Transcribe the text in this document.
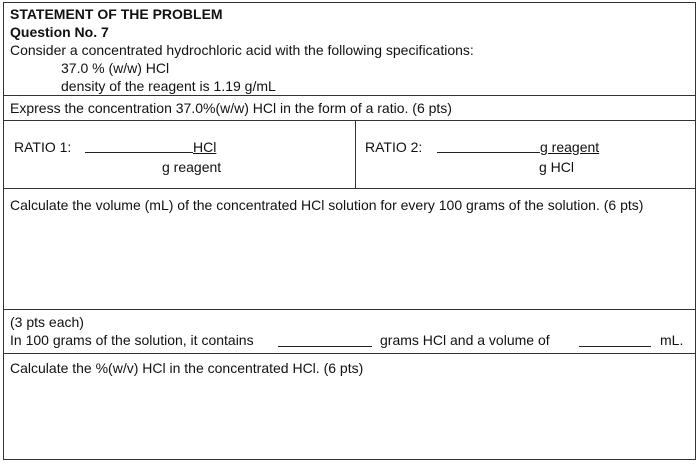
STATEMENT OF THE PROBLEM
Question No. 7
Consider a concentrated hydrochloric acid with the following specifications:
37.0 % (w/w) HCl
density of the reagent is 1.19 g/mL
Express the concentration 37.0%(w/w) HCl in the form of a ratio. (6 pts)
RATIO 1:	HCl
g reagent
RATIO 2:	g reagent
g HCl
Calculate the volume (mL) of the concentrated HCl solution for every 100 grams of the solution. (6 pts)
(3 pts each)
In 100 grams of the solution, it contains	grams HCl and a volume of	mL.
Calculate the %(w/v) HCl in the concentrated HCl. (6 pts)
